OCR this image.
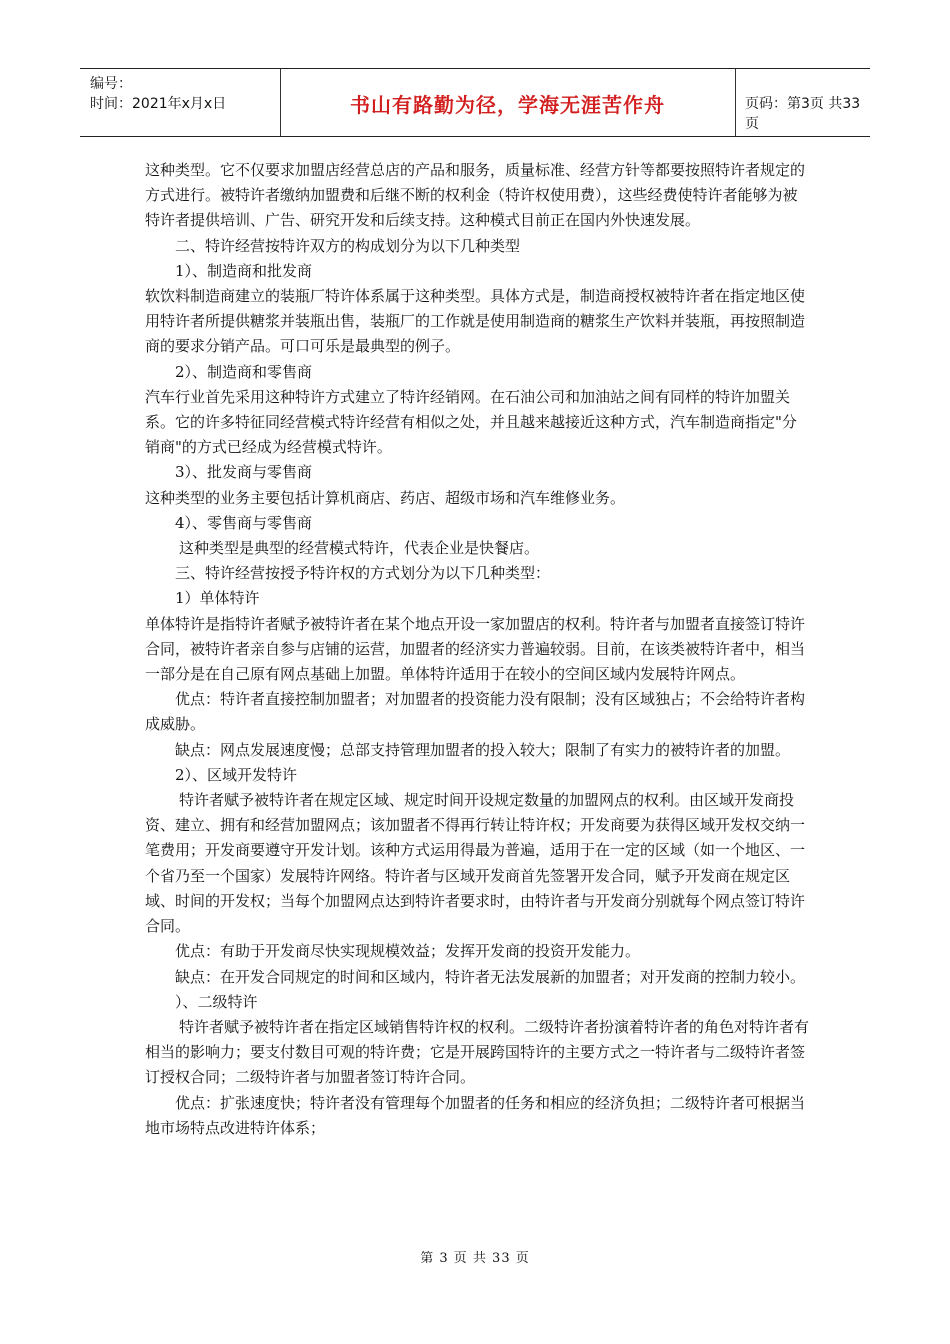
编号：
时间：2021年x月x日	书山有路勤为径，学海无涯苦作舟	页码：第3页 共33页

这种类型。它不仅要求加盟店经营总店的产品和服务，质量标准、经营方针等都要按照特许者规定的方式进行。被特许者缴纳加盟费和后继不断的权利金（特许权使用费），这些经费使特许者能够为被特许者提供培训、广告、研究开发和后续支持。这种模式目前正在国内外快速发展。

二、特许经营按特许双方的构成划分为以下几种类型

1）、制造商和批发商

软饮料制造商建立的装瓶厂特许体系属于这种类型。具体方式是，制造商授权被特许者在指定地区使用特许者所提供糖浆并装瓶出售，装瓶厂的工作就是使用制造商的糖浆生产饮料并装瓶，再按照制造商的要求分销产品。可口可乐是最典型的例子。

2）、制造商和零售商

汽车行业首先采用这种特许方式建立了特许经销网。在石油公司和加油站之间有同样的特许加盟关系。它的许多特征同经营模式特许经营有相似之处，并且越来越接近这种方式，汽车制造商指定"分销商"的方式已经成为经营模式特许。

3）、批发商与零售商

这种类型的业务主要包括计算机商店、药店、超级市场和汽车维修业务。

4）、零售商与零售商

这种类型是典型的经营模式特许，代表企业是快餐店。

三、特许经营按授予特许权的方式划分为以下几种类型：

1）单体特许

单体特许是指特许者赋予被特许者在某个地点开设一家加盟店的权利。特许者与加盟者直接签订特许合同，被特许者亲自参与店铺的运营，加盟者的经济实力普遍较弱。目前，在该类被特许者中，相当一部分是在自己原有网点基础上加盟。单体特许适用于在较小的空间区域内发展特许网点。

优点：特许者直接控制加盟者；对加盟者的投资能力没有限制；没有区域独占；不会给特许者构成威胁。

缺点：网点发展速度慢；总部支持管理加盟者的投入较大；限制了有实力的被特许者的加盟。

2）、区域开发特许

特许者赋予被特许者在规定区域、规定时间开设规定数量的加盟网点的权利。由区域开发商投资、建立、拥有和经营加盟网点；该加盟者不得再行转让特许权；开发商要为获得区域开发权交纳一笔费用；开发商要遵守开发计划。该种方式运用得最为普遍，适用于在一定的区域（如一个地区、一个省乃至一个国家）发展特许网络。特许者与区域开发商首先签署开发合同，赋予开发商在规定区域、时间的开发权；当每个加盟网点达到特许者要求时，由特许者与开发商分别就每个网点签订特许合同。

优点：有助于开发商尽快实现规模效益；发挥开发商的投资开发能力。

缺点：在开发合同规定的时间和区域内，特许者无法发展新的加盟者；对开发商的控制力较小。

）、二级特许

特许者赋予被特许者在指定区域销售特许权的权利。二级特许者扮演着特许者的角色对特许者有相当的影响力；要支付数目可观的特许费；它是开展跨国特许的主要方式之一特许者与二级特许者签订授权合同；二级特许者与加盟者签订特许合同。

优点：扩张速度快；特许者没有管理每个加盟者的任务和相应的经济负担；二级特许者可根据当地市场特点改进特许体系；

第 3 页 共 33 页
